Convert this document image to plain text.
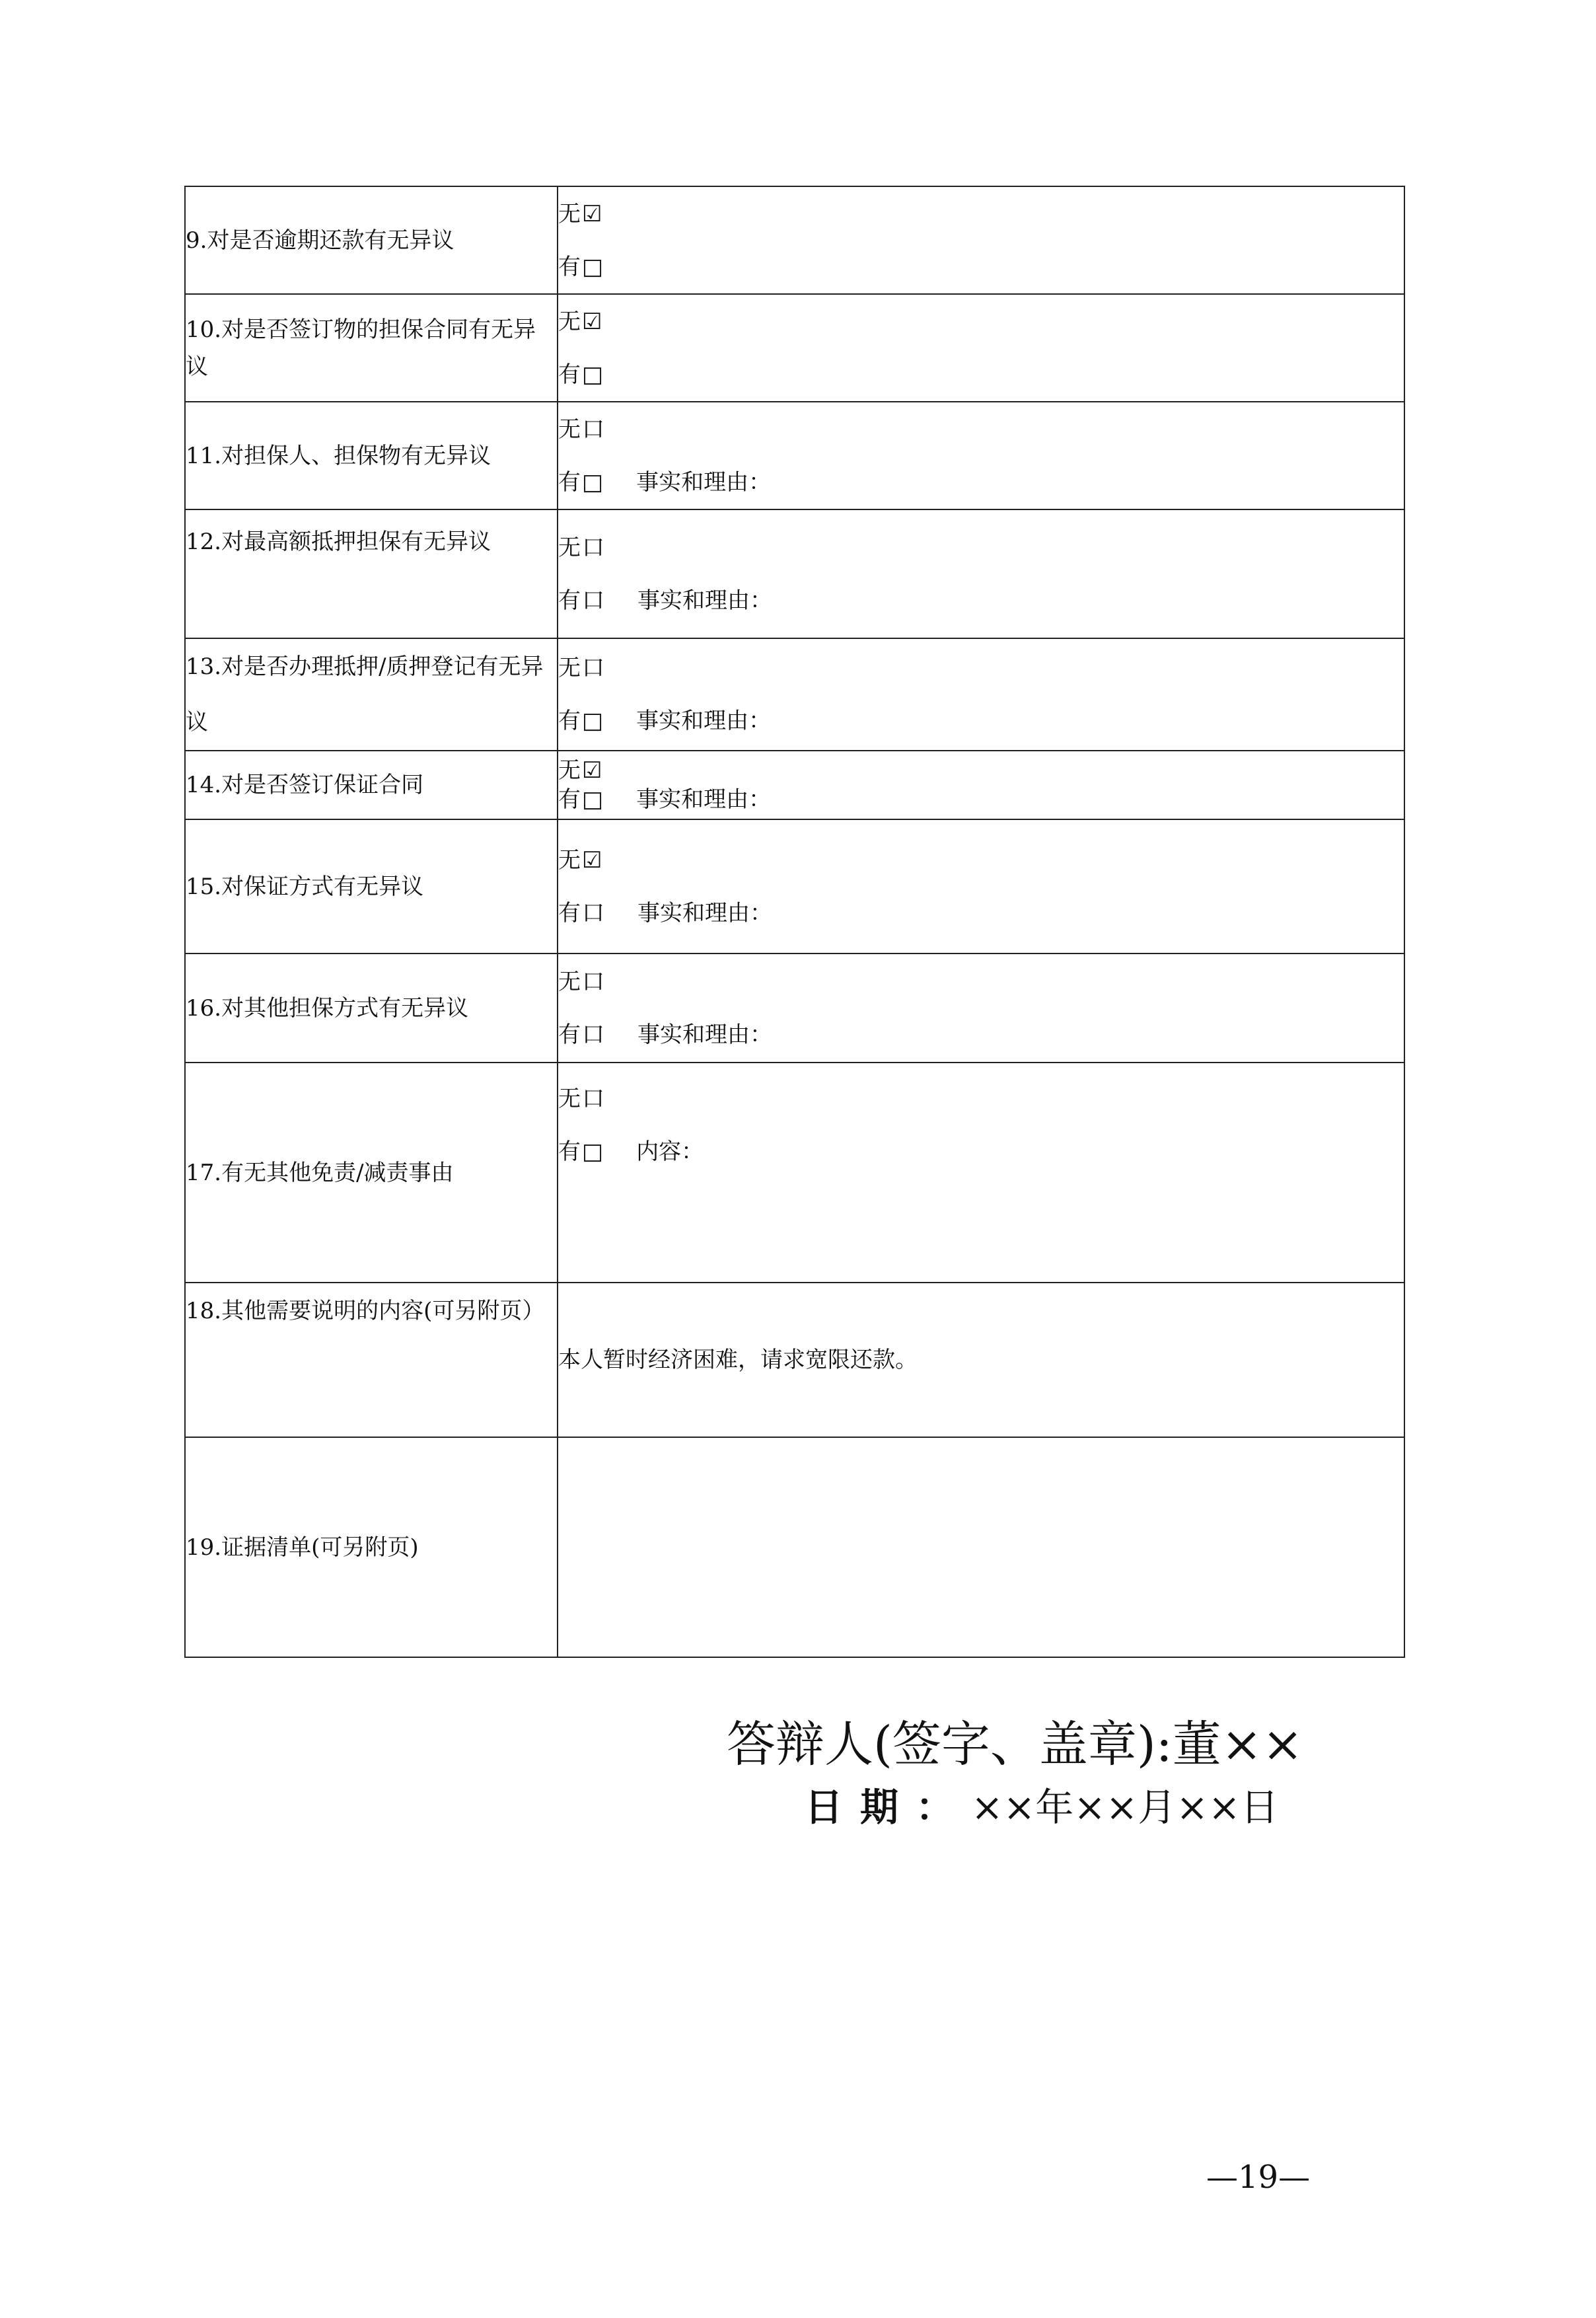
9.对是否逾期还款有无异议	无☑
有□

10.对是否签订物的担保合同有无异议	无☑
有□

11.对担保人、担保物有无异议	无口
有□ 事实和理由：

12.对最高额抵押担保有无异议	无口
有口 事实和理由：

13.对是否办理抵押/质押登记有无异议	无口
有□ 事实和理由：

14.对是否签订保证合同	无☑
有□ 事实和理由：

15.对保证方式有无异议	无☑
有口 事实和理由：

16.对其他担保方式有无异议	无口
有口 事实和理由：

17.有无其他免责/减责事由	无口
有□ 内容：

18.其他需要说明的内容(可另附页）	本人暂时经济困难，请求宽限还款。
19.证据清单(可另附页)	
答辩人(签字、盖章):董××
日期：××年××月××日
—19—
